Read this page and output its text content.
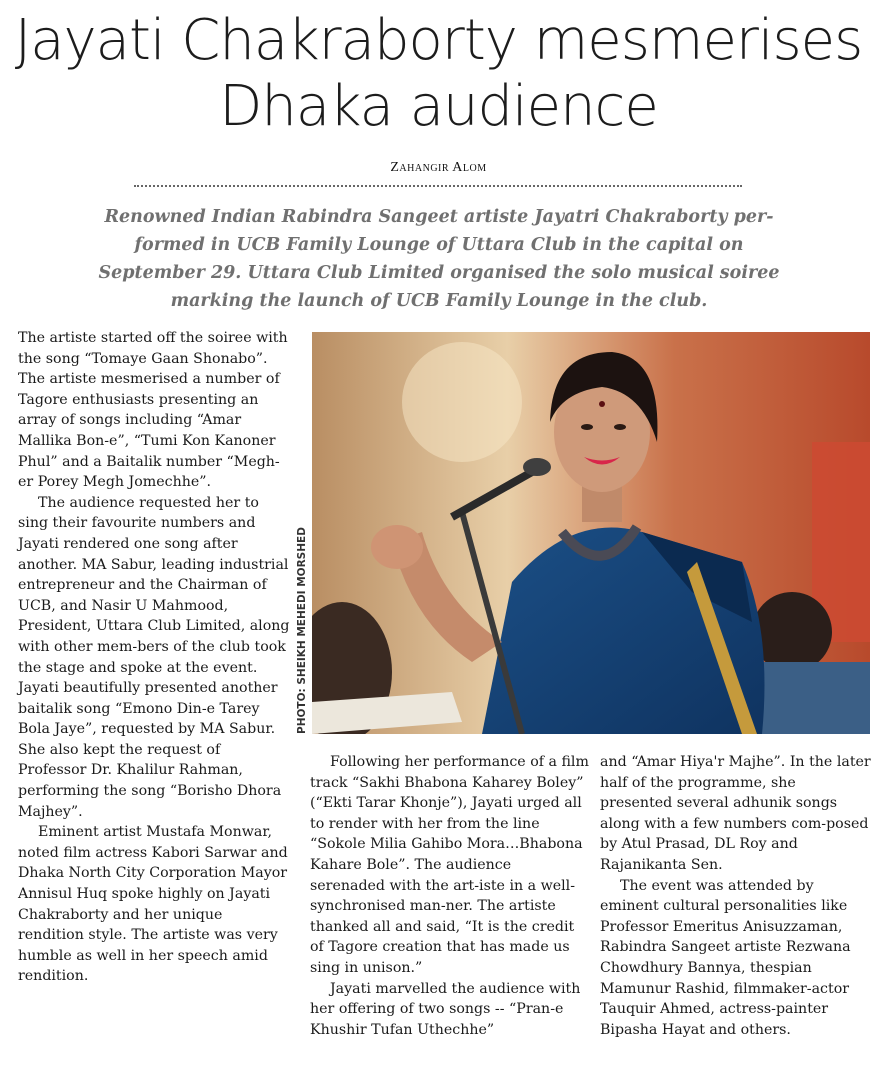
Jayati Chakraborty mesmerises
Dhaka audience
Zahangir Alom

Renowned Indian Rabindra Sangeet artiste Jayatri Chakraborty per-
formed in UCB Family Lounge of Uttara Club in the capital on
September 29. Uttara Club Limited organised the solo musical soiree
marking the launch of UCB Family Lounge in the club.

The artiste started off the soiree with the song “Tomaye Gaan Shonabo”. The artiste mesmerised a number of Tagore enthusiasts presenting an array of songs including “Amar Mallika Bon-e”, “Tumi Kon Kanoner Phul” and a Baitalik number “Megh-er Porey Megh Jomechhe”.

The audience requested her to sing their favourite numbers and Jayati rendered one song after another. MA Sabur, leading industrial entrepreneur and the Chairman of UCB, and Nasir U Mahmood, President, Uttara Club Limited, along with other mem-bers of the club took the stage and spoke at the event. Jayati beautifully presented another baitalik song “Emono Din-e Tarey Bola Jaye”, requested by MA Sabur. She also kept the request of Professor Dr. Khalilur Rahman, performing the song “Borisho Dhora Majhey”.

Eminent artist Mustafa Monwar, noted film actress Kabori Sarwar and Dhaka North City Corporation Mayor Annisul Huq spoke highly on Jayati Chakraborty and her unique rendition style. The artiste was very humble as well in her speech amid rendition.

PHOTO: SHEIKH MEHEDI MORSHED

Following her performance of a film track “Sakhi Bhabona Kaharey Boley” (“Ekti Tarar Khonje”), Jayati urged all to render with her from the line “Sokole Milia Gahibo Mora…Bhabona Kahare Bole”. The audience serenaded with the art-iste in a well-synchronised man-ner. The artiste thanked all and said, “It is the credit of Tagore creation that has made us sing in unison.”

Jayati marvelled the audience with her offering of two songs -- “Pran-e Khushir Tufan Uthechhe”

and “Amar Hiya'r Majhe”. In the later half of the programme, she presented several adhunik songs along with a few numbers com-posed by Atul Prasad, DL Roy and Rajanikanta Sen.

The event was attended by eminent cultural personalities like Professor Emeritus Anisuzzaman, Rabindra Sangeet artiste Rezwana Chowdhury Bannya, thespian Mamunur Rashid, filmmaker-actor Tauquir Ahmed, actress-painter Bipasha Hayat and others.
